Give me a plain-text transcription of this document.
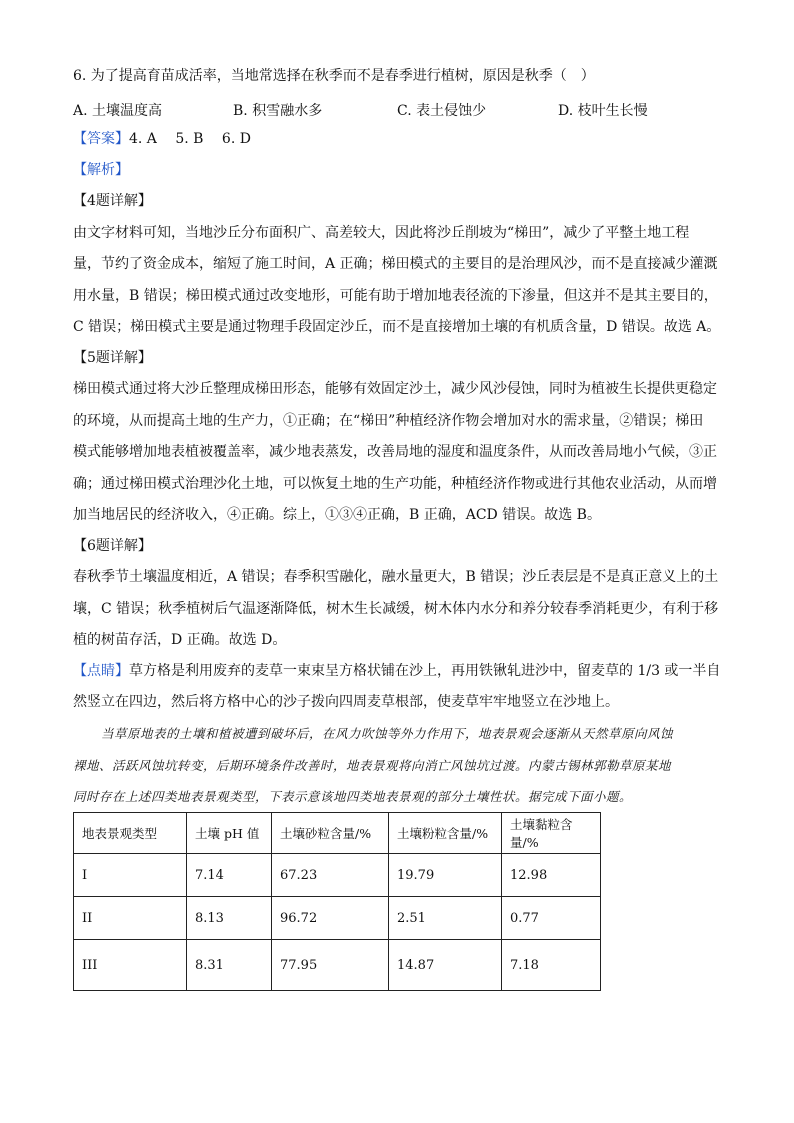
6. 为了提高育苗成活率，当地常选择在秋季而不是春季进行植树，原因是秋季（　）
A. 土壤温度高	B. 积雪融水多	C. 表土侵蚀少	D. 枝叶生长慢
【答案】4. A　 5. B　 6. D
【解析】
【4题详解】
由文字材料可知，当地沙丘分布面积广、高差较大，因此将沙丘削坡为“梯田”，减少了平整土地工程
量，节约了资金成本，缩短了施工时间，A 正确；梯田模式的主要目的是治理风沙，而不是直接减少灌溉
用水量，B 错误；梯田模式通过改变地形，可能有助于增加地表径流的下渗量，但这并不是其主要目的，
C 错误；梯田模式主要是通过物理手段固定沙丘，而不是直接增加土壤的有机质含量，D 错误。故选 A。
【5题详解】
梯田模式通过将大沙丘整理成梯田形态，能够有效固定沙土，减少风沙侵蚀，同时为植被生长提供更稳定
的环境，从而提高土地的生产力，①正确；在“梯田”种植经济作物会增加对水的需求量，②错误；梯田
模式能够增加地表植被覆盖率，减少地表蒸发，改善局地的湿度和温度条件，从而改善局地小气候，③正
确；通过梯田模式治理沙化土地，可以恢复土地的生产功能，种植经济作物或进行其他农业活动，从而增
加当地居民的经济收入，④正确。综上，①③④正确，B 正确，ACD 错误。故选 B。
【6题详解】
春秋季节土壤温度相近，A 错误；春季积雪融化，融水量更大，B 错误；沙丘表层是不是真正意义上的土
壤，C 错误；秋季植树后气温逐渐降低，树木生长减缓，树木体内水分和养分较春季消耗更少，有利于移
植的树苗存活，D 正确。故选 D。
【点睛】草方格是利用废弃的麦草一束束呈方格状铺在沙上，再用铁锹轧进沙中，留麦草的 1/3 或一半自
然竖立在四边，然后将方格中心的沙子拨向四周麦草根部，使麦草牢牢地竖立在沙地上。
当草原地表的土壤和植被遭到破坏后，在风力吹蚀等外力作用下，地表景观会逐渐从天然草原向风蚀
裸地、活跃风蚀坑转变，后期环境条件改善时，地表景观将向消亡风蚀坑过渡。内蒙古锡林郭勒草原某地
同时存在上述四类地表景观类型，下表示意该地四类地表景观的部分土壤性状。据完成下面小题。
地表景观类型	土壤 pH 值	土壤砂粒含量/%	土壤粉粒含量/%	土壤黏粒含量/%
I	7.14	67.23	19.79	12.98
II	8.13	96.72	2.51	0.77
III	8.31	77.95	14.87	7.18
